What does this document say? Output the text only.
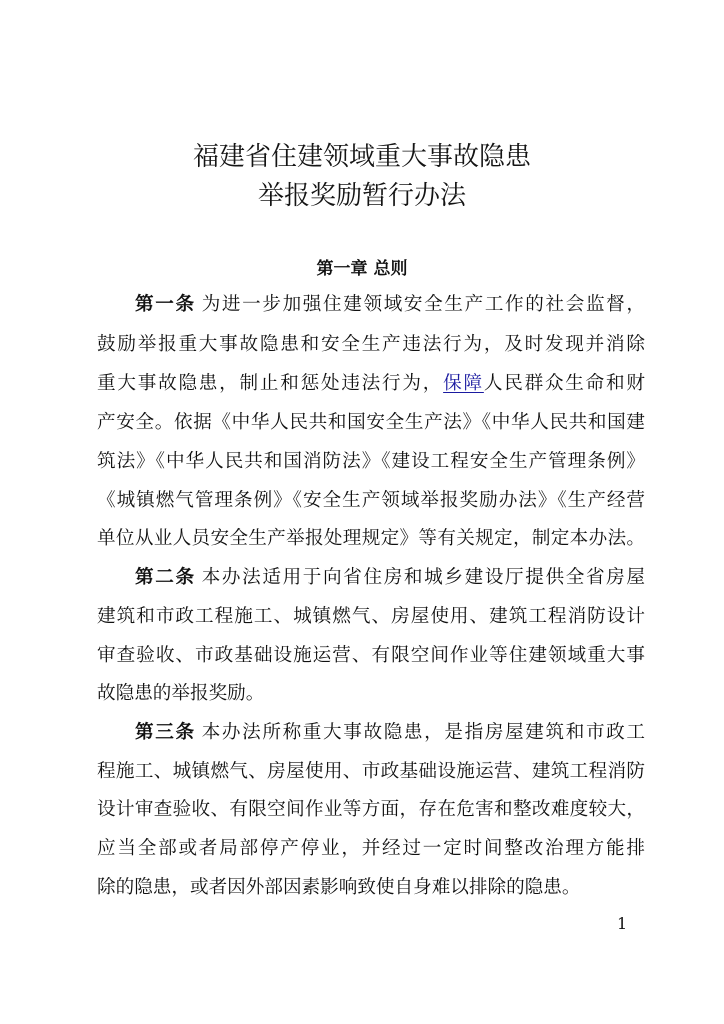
福建省住建领域重大事故隐患
举报奖励暂行办法
第一章 总则

第一条 为进一步加强住建领域安全生产工作的社会监督，

鼓励举报重大事故隐患和安全生产违法行为，及时发现并消除

重大事故隐患，制止和惩处违法行为，保障人民群众生命和财

产安全。依据《中华人民共和国安全生产法》《中华人民共和国建

筑法》《中华人民共和国消防法》《建设工程安全生产管理条例》

《城镇燃气管理条例》《安全生产领域举报奖励办法》《生产经营

单位从业人员安全生产举报处理规定》等有关规定，制定本办法。

第二条 本办法适用于向省住房和城乡建设厅提供全省房屋

建筑和市政工程施工、城镇燃气、房屋使用、建筑工程消防设计

审查验收、市政基础设施运营、有限空间作业等住建领域重大事

故隐患的举报奖励。

第三条 本办法所称重大事故隐患，是指房屋建筑和市政工

程施工、城镇燃气、房屋使用、市政基础设施运营、建筑工程消防

设计审查验收、有限空间作业等方面，存在危害和整改难度较大，

应当全部或者局部停产停业，并经过一定时间整改治理方能排

除的隐患，或者因外部因素影响致使自身难以排除的隐患。

1
